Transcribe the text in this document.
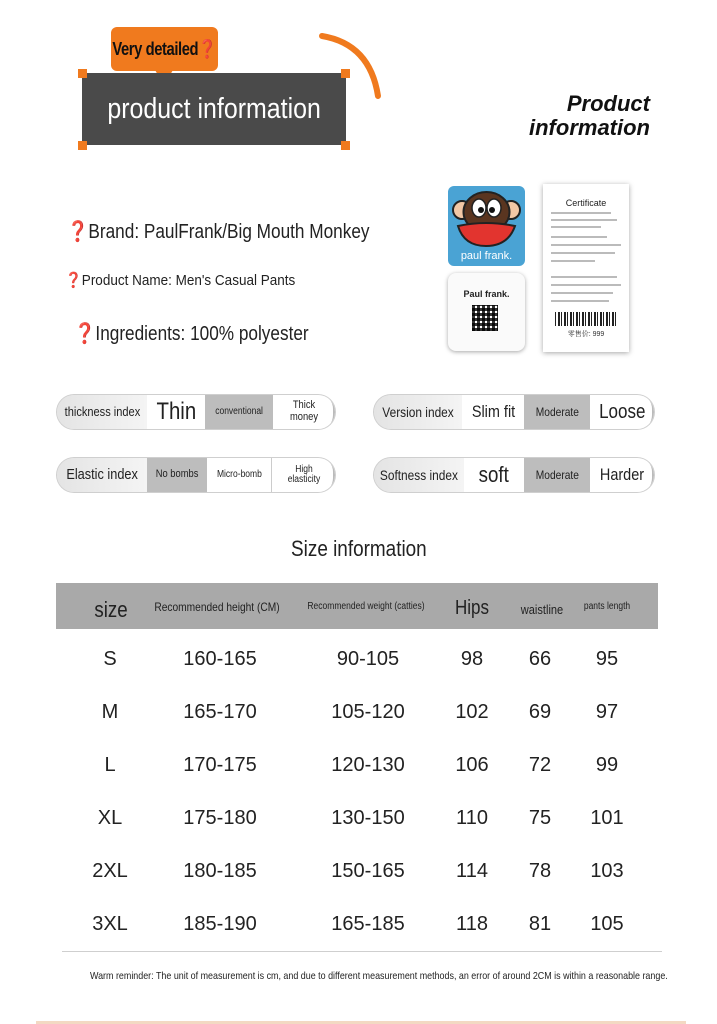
Very detailed❓
product information	Product
information
❓Brand: PaulFrank/Big Mouth Monkey
❓Product Name: Men's Casual Pants
❓Ingredients: 100% polyester
paul frank.
Paul frank.
Certificate
零售价: 999
thickness index Thin conventional	Thick money	Version index Slim fit Moderate Loose
Elastic index No bombs Micro-bomb	High elasticity	Softness index soft Moderate Harder
Size information
size	Recommended height (CM)	Recommended weight (catties)	Hips waistline	pants length
S	160-165	90-105	98 66 95
M	165-170	105-120	102 69 97
L	170-175	120-130	106 72 99
XL	175-180	130-150	110 75 101
2XL	180-185	150-165	114 78 103
3XL	185-190	165-185	118 81 105
Warm reminder: The unit of measurement is cm, and due to different measurement methods, an error of around 2CM is within a reasonable range.
